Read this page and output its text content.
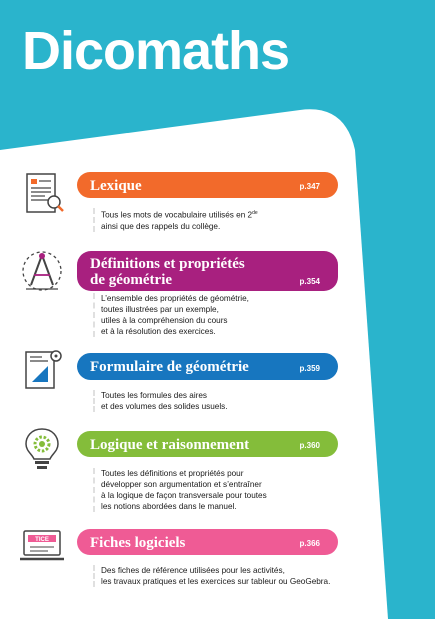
Dicomaths
Lexique	p.347

Tous les mots de vocabulaire utilisés en 2de

ainsi que des rappels du collège.

Définitions et propriétés
de géométrie	p.354

L’ensemble des propriétés de géométrie,
toutes illustrées par un exemple,
utiles à la compréhension du cours
et à la résolution des exercices.

Formulaire de géométrie	p.359

Toutes les formules des aires
et des volumes des solides usuels.

Logique et raisonnement	p.360

Toutes les définitions et propriétés pour
développer son argumentation et s’entraîner
à la logique de façon transversale pour toutes
les notions abordées dans le manuel.

TICE	Fiches logiciels	p.366

Des fiches de référence utilisées pour les activités,
les travaux pratiques et les exercices sur tableur ou GeoGebra.
